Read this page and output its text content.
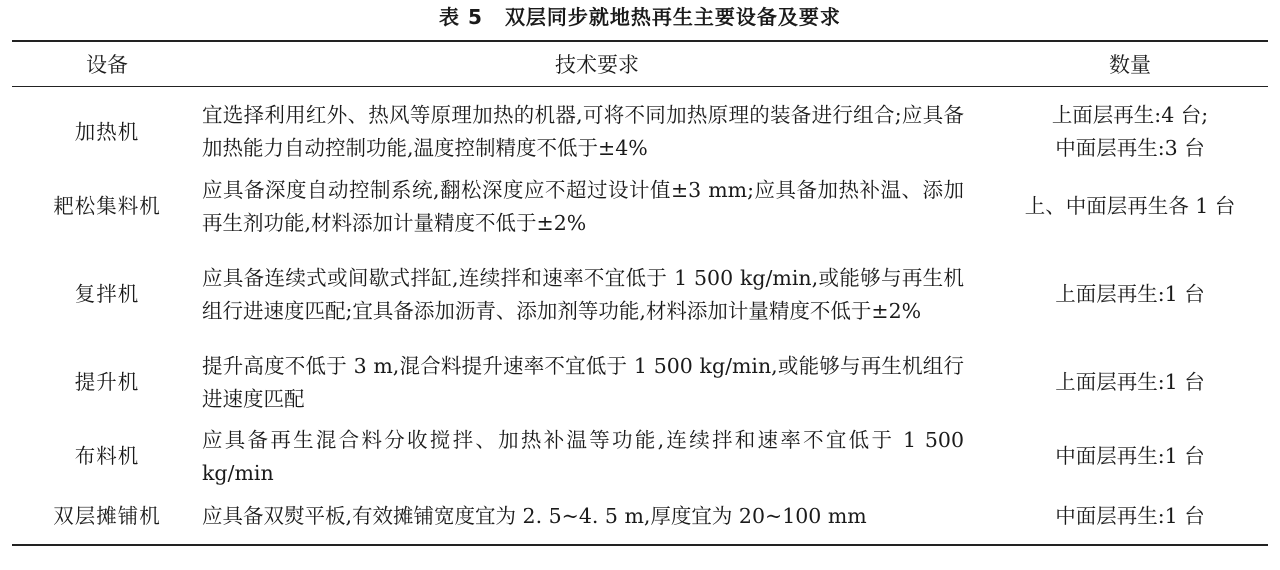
表 5 双层同步就地热再生主要设备及要求
设备	技术要求	数量
加热机	宜选择利用红外、热风等原理加热的机器,可将不同加热原理的装备进行组合;应具备加热能力自动控制功能,温度控制精度不低于±4%	上面层再生:4 台;
中面层再生:3 台

耙松集料机	应具备深度自动控制系统,翻松深度应不超过设计值±3 mm;应具备加热补温、添加再生剂功能,材料添加计量精度不低于±2%	上、中面层再生各 1 台

复拌机	应具备连续式或间歇式拌缸,连续拌和速率不宜低于 1 500 kg/min,或能够与再生机组行进速度匹配;宜具备添加沥青、添加剂等功能,材料添加计量精度不低于±2%	上面层再生:1 台

提升机	提升高度不低于 3 m,混合料提升速率不宜低于 1 500 kg/min,或能够与再生机组行进速度匹配	上面层再生:1 台

布料机	应具备再生混合料分收搅拌、加热补温等功能,连续拌和速率不宜低于 1 500 kg/min	中面层再生:1 台

双层摊铺机	应具备双熨平板,有效摊铺宽度宜为 2. 5~4. 5 m,厚度宜为 20~100 mm	中面层再生:1 台
